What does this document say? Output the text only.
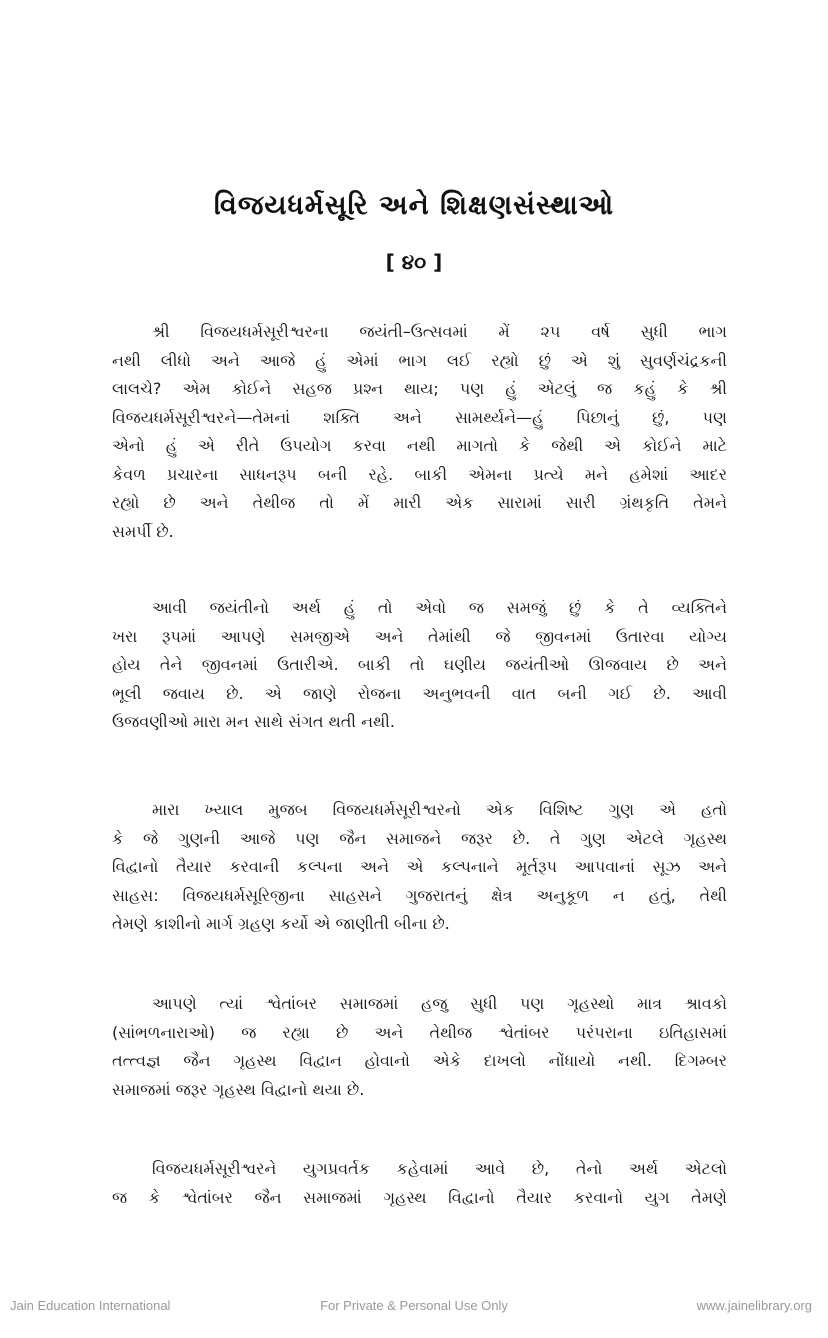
વિજયધર્મસૂરિ અને શિક્ષણસંસ્થાઓ
[ ૪૦ ]
શ્રી વિજયધર્મસૂરીશ્વરના જયંતી–ઉત્સવમાં મેં ૨૫ વર્ષ સુધી ભાગ
નથી લીધો અને આજે હું એમાં ભાગ લઈ રહ્યો છું એ શું સુવર્ણચંદ્રકની
લાલચે? એમ કોઈને સહજ પ્રશ્ન થાય; પણ હું એટલું જ કહું કે શ્રી
વિજયધર્મસૂરીશ્વરને—તેમનાં શક્તિ અને સામર્થ્યને—હું પિછાનું છું, પણ
એનો હું એ રીતે ઉપયોગ કરવા નથી માગતો કે જેથી એ કોઈને માટે
કેવળ પ્રચારના સાધનરૂપ બની રહે. બાકી એમના પ્રત્યે મને હમેશાં આદર
રહ્યો છે અને તેથીજ તો મેં મારી એક સારામાં સારી ગ્રંથકૃતિ તેમને
સમર્પી છે.
આવી જયંતીનો અર્થ હું તો એવો જ સમજું છું કે તે વ્યક્તિને
ખરા રૂપમાં આપણે સમજીએ અને તેમાંથી જે જીવનમાં ઉતારવા યોગ્ય
હોય તેને જીવનમાં ઉતારીએ. બાકી તો ઘણીય જયંતીઓ ઊજવાય છે અને
ભૂલી જવાય છે. એ જાણે રોજના અનુભવની વાત બની ગઈ છે. આવી
ઉજવણીઓ મારા મન સાથે સંગત થતી નથી.
મારા ખ્યાલ મુજબ વિજયધર્મસૂરીશ્વરનો એક વિશિષ્ટ ગુણ એ હતો
કે જે ગુણની આજે પણ જૈન સમાજને જરૂર છે. તે ગુણ એટલે ગૃહસ્થ
વિદ્વાનો તૈયાર કરવાની કલ્પના અને એ કલ્પનાને મૂર્તરૂપ આપવાનાં સૂઝ અને
સાહસ: વિજયધર્મસૂરિજીના સાહસને ગુજરાતનું ક્ષેત્ર અનુકૂળ ન હતું, તેથી
તેમણે કાશીનો માર્ગ ગ્રહણ કર્યો એ જાણીતી બીના છે.
આપણે ત્યાં શ્વેતાંબર સમાજમાં હજુ સુધી પણ ગૃહસ્થો માત્ર શ્રાવકો
(સાંભળનારાઓ) જ રહ્યા છે અને તેથીજ શ્વેતાંબર પરંપરાના ઇતિહાસમાં
તત્ત્વજ્ઞ જૈન ગૃહસ્થ વિદ્વાન હોવાનો એકે દાખલો નોંધાયો નથી. દિગમ્બર
સમાજમાં જરૂર ગૃહસ્થ વિદ્વાનો થયા છે.
વિજયધર્મસૂરીશ્વરને યુગપ્રવર્તક કહેવામાં આવે છે, તેનો અર્થ એટલો
જ કે શ્વેતાંબર જૈન સમાજમાં ગૃહસ્થ વિદ્વાનો તૈયાર કરવાનો યુગ તેમણે
Jain Education International	For Private & Personal Use Only	www.jainelibrary.org
